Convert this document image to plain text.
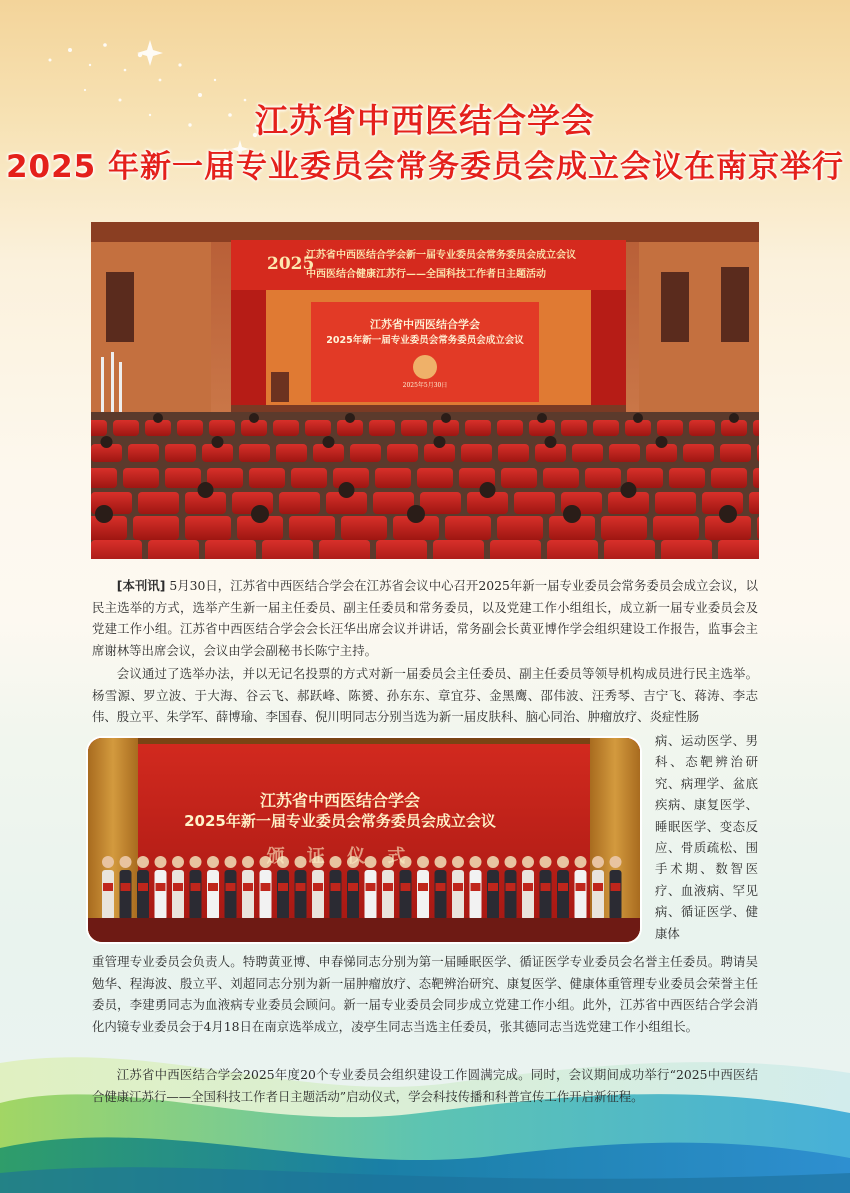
江苏省中西医结合学会
2025 年新一届专业委员会常务委员会成立会议在南京举行
2025
江苏省中西医结合学会新一届专业委员会常务委员会成立会议
中西医结合健康江苏行——全国科技工作者日主题活动
江苏省中西医结合学会
2025年新一届专业委员会常务委员会成立会议
2025年5月30日
[本刊讯] 5月30日，江苏省中西医结合学会在江苏省会议中心召开2025年新一届专业委员会常务委员会成立会议，以民主选举的方式，选举产生新一届主任委员、副主任委员和常务委员，以及党建工作小组组长，成立新一届专业委员会及党建工作小组。江苏省中西医结合学会会长汪华出席会议并讲话，常务副会长黄亚博作学会组织建设工作报告，监事会主席谢林等出席会议，会议由学会副秘书长陈宁主持。
会议通过了选举办法，并以无记名投票的方式对新一届委员会主任委员、副主任委员等领导机构成员进行民主选举。杨雪源、罗立波、于大海、谷云飞、郝跃峰、陈赟、孙东东、章宜芬、金黑鹰、邵伟波、汪秀琴、吉宁飞、蒋涛、李志伟、殷立平、朱学军、薛博瑜、李国春、倪川明同志分别当选为新一届皮肤科、脑心同治、肿瘤放疗、炎症性肠
江苏省中西医结合学会
2025年新一届专业委员会常务委员会成立会议
颁 证 仪 式
病、运动医学、男科、态靶辨治研究、病理学、盆底疾病、康复医学、睡眠医学、变态反应、骨质疏松、围手术期、数智医疗、血液病、罕见病、循证医学、健康体
重管理专业委员会负责人。特聘黄亚博、申春悌同志分别为第一届睡眠医学、循证医学专业委员会名誉主任委员。聘请吴勉华、程海波、殷立平、刘超同志分别为新一届肿瘤放疗、态靶辨治研究、康复医学、健康体重管理专业委员会荣誉主任委员，李建勇同志为血液病专业委员会顾问。新一届专业委员会同步成立党建工作小组。此外，江苏省中西医结合学会消化内镜专业委员会于4月18日在南京选举成立，凌亭生同志当选主任委员，张其德同志当选党建工作小组组长。
江苏省中西医结合学会2025年度20个专业委员会组织建设工作圆满完成。同时，会议期间成功举行“2025中西医结合健康江苏行——全国科技工作者日主题活动”启动仪式，学会科技传播和科普宣传工作开启新征程。
